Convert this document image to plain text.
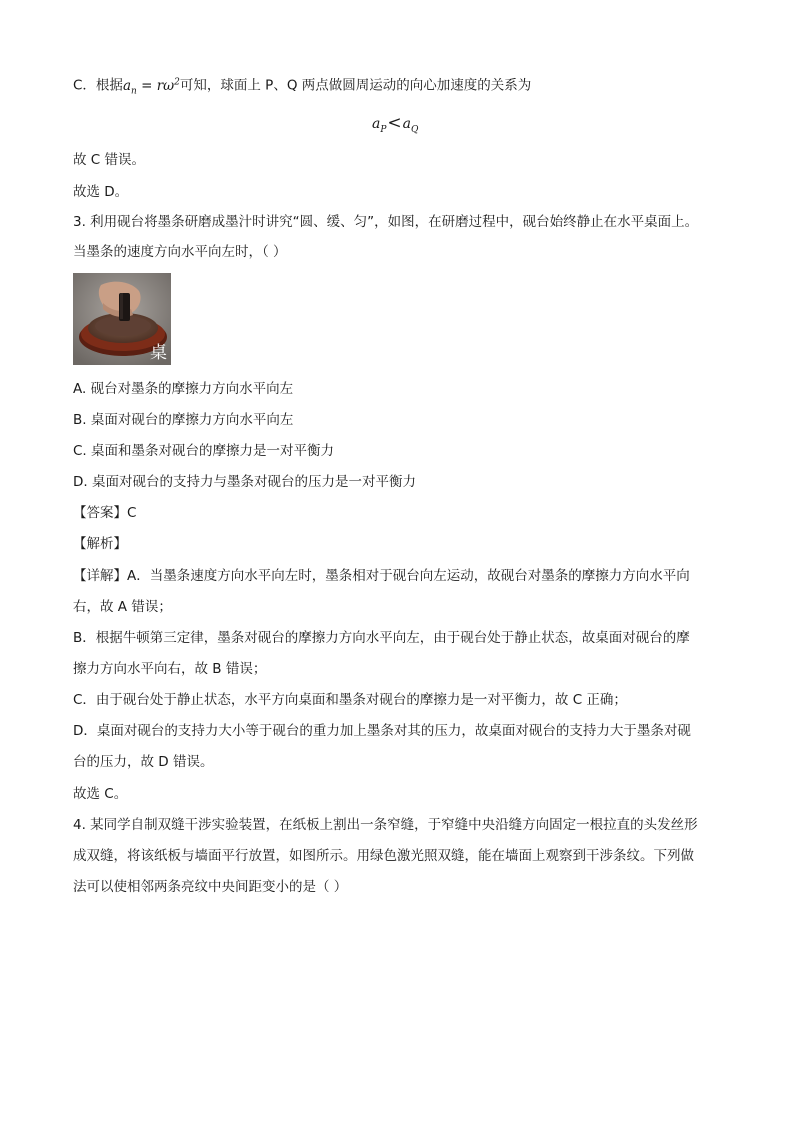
C．根据$a_n = r\omega^2$可知，球面上 P、Q 两点做圆周运动的向心加速度的关系为
$a_P<a_Q$
故 C 错误。
故选 D。
3. 利用砚台将墨条研磨成墨汁时讲究“圆、缓、匀”，如图，在研磨过程中，砚台始终静止在水平桌面上。
当墨条的速度方向水平向左时，（ ）
桌
A. 砚台对墨条的摩擦力方向水平向左
B. 桌面对砚台的摩擦力方向水平向左
C. 桌面和墨条对砚台的摩擦力是一对平衡力
D. 桌面对砚台的支持力与墨条对砚台的压力是一对平衡力
【答案】C
【解析】
【详解】A．当墨条速度方向水平向左时，墨条相对于砚台向左运动，故砚台对墨条的摩擦力方向水平向
右，故 A 错误；
B．根据牛顿第三定律，墨条对砚台的摩擦力方向水平向左，由于砚台处于静止状态，故桌面对砚台的摩
擦力方向水平向右，故 B 错误；
C．由于砚台处于静止状态，水平方向桌面和墨条对砚台的摩擦力是一对平衡力，故 C 正确；
D．桌面对砚台的支持力大小等于砚台的重力加上墨条对其的压力，故桌面对砚台的支持力大于墨条对砚
台的压力，故 D 错误。
故选 C。
4. 某同学自制双缝干涉实验装置，在纸板上割出一条窄缝，于窄缝中央沿缝方向固定一根拉直的头发丝形
成双缝，将该纸板与墙面平行放置，如图所示。用绿色激光照双缝，能在墙面上观察到干涉条纹。下列做
法可以使相邻两条亮纹中央间距变小的是（ ）
